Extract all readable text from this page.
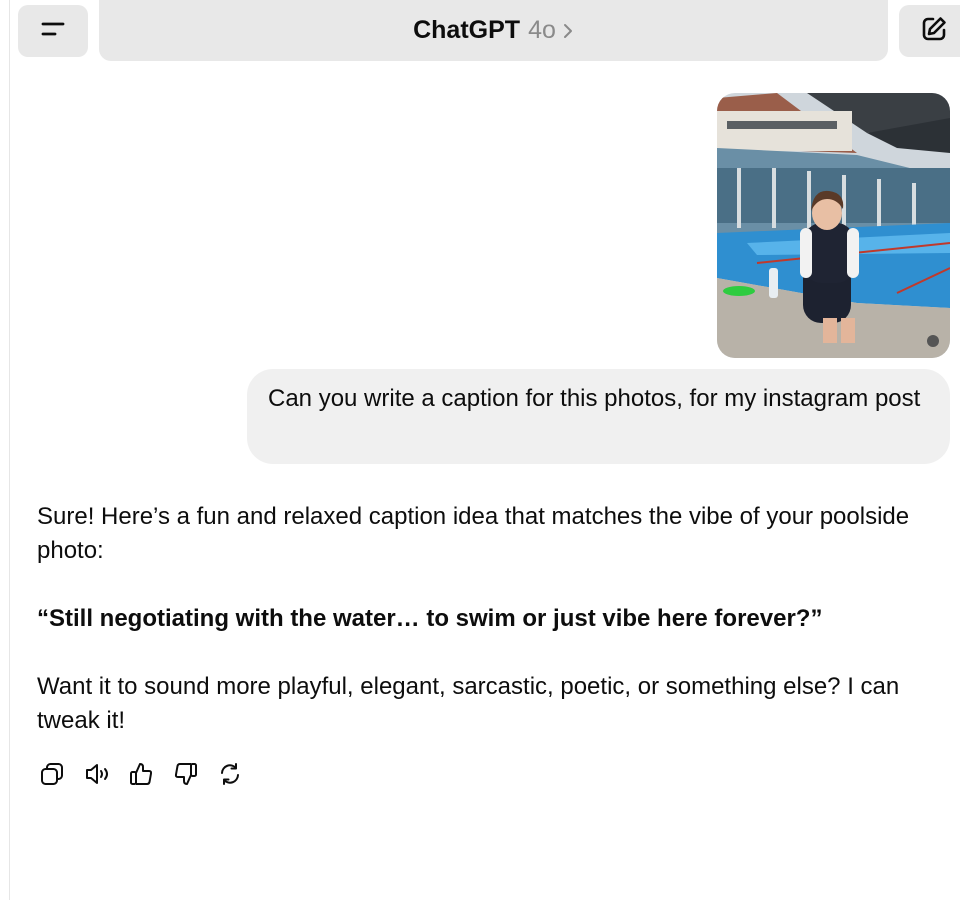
ChatGPT 4o
Can you write a caption for this photos, for my instagram post

Sure! Here’s a fun and relaxed caption idea that matches the vibe of your poolside photo:

“Still negotiating with the water… to swim or just vibe here forever?”

Want it to sound more playful, elegant, sarcastic, poetic, or something else? I can tweak it!
